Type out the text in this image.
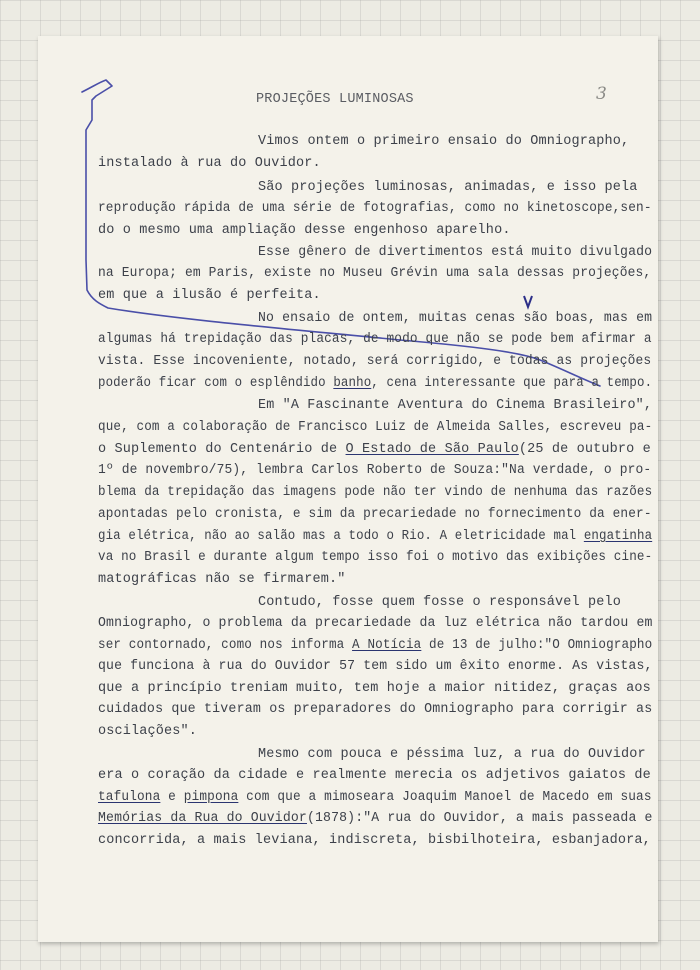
3
PROJEÇÕES LUMINOSAS
Vimos ontem o primeiro ensaio do Omniographo,
instalado à rua do Ouvidor.
São projeções luminosas, animadas, e isso pela
reprodução rápida de uma série de fotografias, como no kinetoscope,sen-
do o mesmo uma ampliação desse engenhoso aparelho.
Esse gênero de divertimentos está muito divulgado
na Europa; em Paris, existe no Museu Grévin uma sala dessas projeções,
em que a ilusão é perfeita.
No ensaio de ontem, muitas cenas são boas, mas em
algumas há trepidação das placas, de modo que não se pode bem afirmar a
vista. Esse incoveniente, notado, será corrigido, e todas as projeções
poderão ficar com o esplêndido banho, cena interessante que para a tempo.
Em "A Fascinante Aventura do Cinema Brasileiro",
que, com a colaboração de Francisco Luiz de Almeida Salles, escreveu pa-
o Suplemento do Centenário de O Estado de São Paulo(25 de outubro e
1º de novembro/75), lembra Carlos Roberto de Souza:"Na verdade, o pro-
blema da trepidação das imagens pode não ter vindo de nenhuma das razões
apontadas pelo cronista, e sim da precariedade no fornecimento da ener-
gia elétrica, não ao salão mas a todo o Rio. A eletricidade mal engatinha
va no Brasil e durante algum tempo isso foi o motivo das exibições cine-
matográficas não se firmarem."
Contudo, fosse quem fosse o responsável pelo
Omniographo, o problema da precariedade da luz elétrica não tardou em
ser contornado, como nos informa A Notícia de 13 de julho:"O Omniographo
que funciona à rua do Ouvidor 57 tem sido um êxito enorme. As vistas,
que a princípio treniam muito, tem hoje a maior nitidez, graças aos
cuidados que tiveram os preparadores do Omniographo para corrigir as
oscilações".
Mesmo com pouca e péssima luz, a rua do Ouvidor
era o coração da cidade e realmente merecia os adjetivos gaiatos de
tafulona e pimpona com que a mimoseara Joaquim Manoel de Macedo em suas
Memórias da Rua do Ouvidor(1878):"A rua do Ouvidor, a mais passeada e
concorrida, a mais leviana, indiscreta, bisbilhoteira, esbanjadora,
